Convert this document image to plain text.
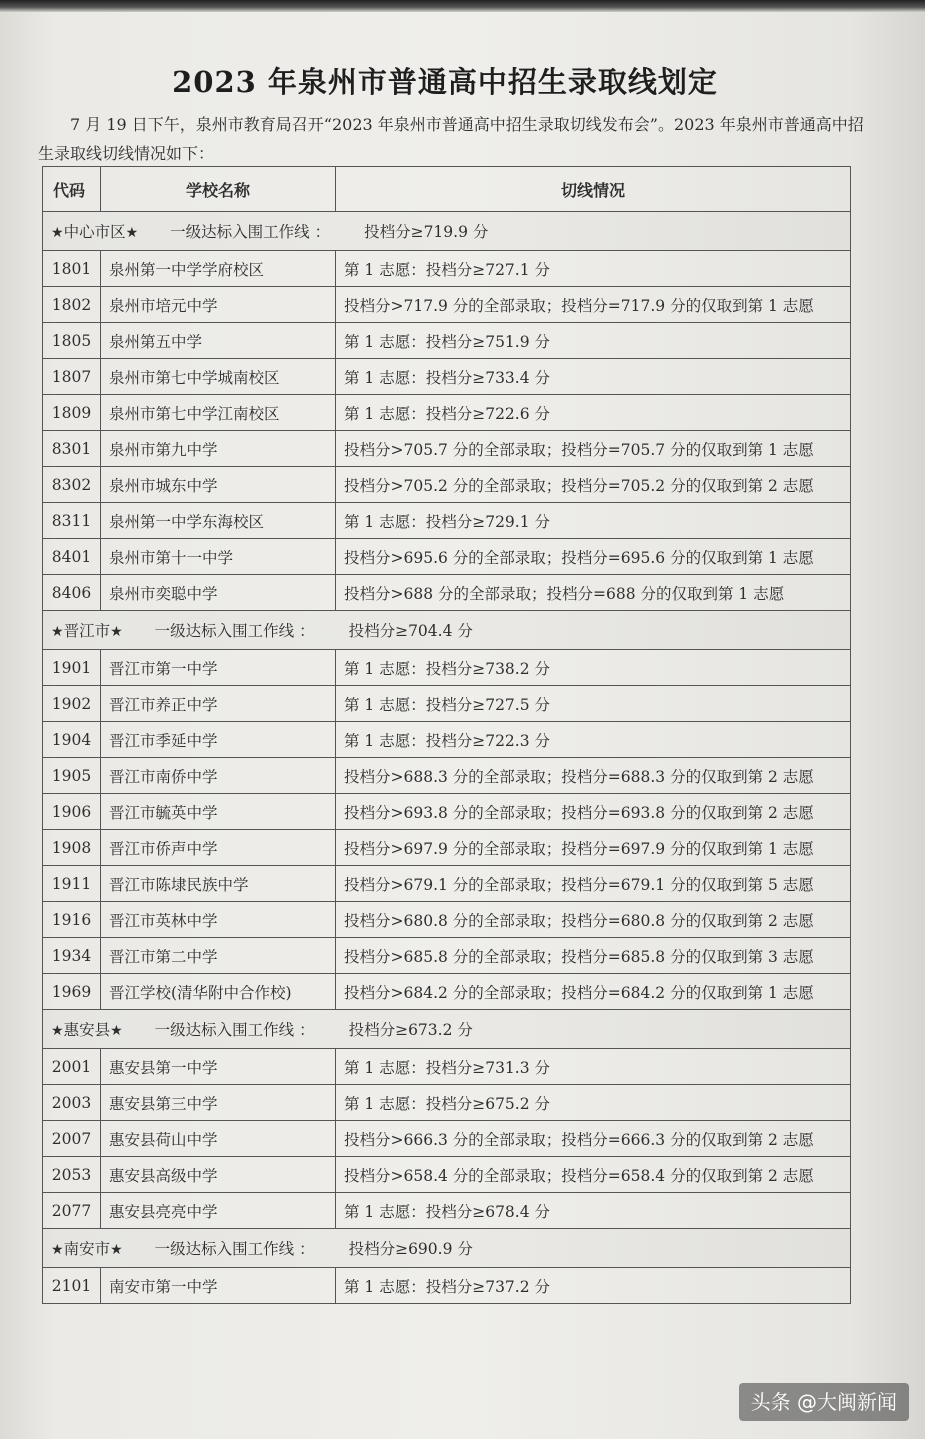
2023 年泉州市普通高中招生录取线划定
7 月 19 日下午，泉州市教育局召开“2023 年泉州市普通高中招生录取切线发布会”。2023 年泉州市普通高中招生录取线切线情况如下：
代码	学校名称	切线情况
★中心市区★ 一级达标入围工作线 ： 投档分≥719.9 分		
1801	泉州第一中学学府校区	第 1 志愿：投档分≥727.1 分
1802	泉州市培元中学	投档分>717.9 分的全部录取；投档分=717.9 分的仅取到第 1 志愿
1805	泉州第五中学	第 1 志愿：投档分≥751.9 分
1807	泉州市第七中学城南校区	第 1 志愿：投档分≥733.4 分
1809	泉州市第七中学江南校区	第 1 志愿：投档分≥722.6 分
8301	泉州市第九中学	投档分>705.7 分的全部录取；投档分=705.7 分的仅取到第 1 志愿
8302	泉州市城东中学	投档分>705.2 分的全部录取；投档分=705.2 分的仅取到第 2 志愿
8311	泉州第一中学东海校区	第 1 志愿：投档分≥729.1 分
8401	泉州市第十一中学	投档分>695.6 分的全部录取；投档分=695.6 分的仅取到第 1 志愿
8406	泉州市奕聪中学	投档分>688 分的全部录取；投档分=688 分的仅取到第 1 志愿
★晋江市★ 一级达标入围工作线 ： 投档分≥704.4 分		
1901	晋江市第一中学	第 1 志愿：投档分≥738.2 分
1902	晋江市养正中学	第 1 志愿：投档分≥727.5 分
1904	晋江市季延中学	第 1 志愿：投档分≥722.3 分
1905	晋江市南侨中学	投档分>688.3 分的全部录取；投档分=688.3 分的仅取到第 2 志愿
1906	晋江市毓英中学	投档分>693.8 分的全部录取；投档分=693.8 分的仅取到第 2 志愿
1908	晋江市侨声中学	投档分>697.9 分的全部录取；投档分=697.9 分的仅取到第 1 志愿
1911	晋江市陈埭民族中学	投档分>679.1 分的全部录取；投档分=679.1 分的仅取到第 5 志愿
1916	晋江市英林中学	投档分>680.8 分的全部录取；投档分=680.8 分的仅取到第 2 志愿
1934	晋江市第二中学	投档分>685.8 分的全部录取；投档分=685.8 分的仅取到第 3 志愿
1969	晋江学校(清华附中合作校)	投档分>684.2 分的全部录取；投档分=684.2 分的仅取到第 1 志愿
★惠安县★ 一级达标入围工作线 ： 投档分≥673.2 分		
2001	惠安县第一中学	第 1 志愿：投档分≥731.3 分
2003	惠安县第三中学	第 1 志愿：投档分≥675.2 分
2007	惠安县荷山中学	投档分>666.3 分的全部录取；投档分=666.3 分的仅取到第 2 志愿
2053	惠安县高级中学	投档分>658.4 分的全部录取；投档分=658.4 分的仅取到第 2 志愿
2077	惠安县亮亮中学	第 1 志愿：投档分≥678.4 分
★南安市★ 一级达标入围工作线 ： 投档分≥690.9 分		
2101	南安市第一中学	第 1 志愿：投档分≥737.2 分
头条 @大闽新闻
